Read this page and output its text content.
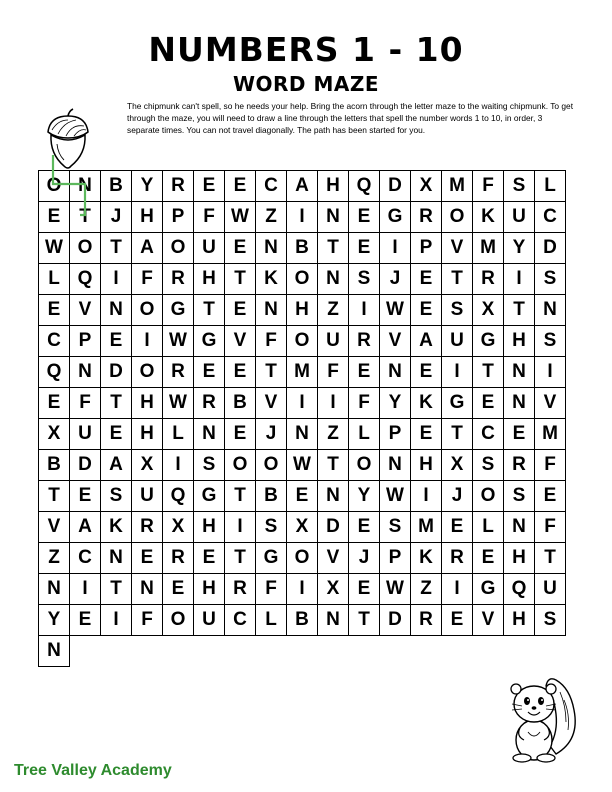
NUMBERS 1 - 10
WORD MAZE

The chipmunk can't spell, so he needs your help. Bring the acorn through the letter maze to the waiting chipmunk. To get through the maze, you will need to draw a line through the letters that spell the number words 1 to 10, in order, 3 separate times. You can not travel diagonally. The path has been started for you.

O N B Y R E E C A H Q D X M F S L
E T	J H P F W Z	I	N E G R O K U C
W O T A O U E N B T E	I	P V M Y D
L Q	I	F R H T K O N S	J	E T R	I	S
E V N O G T E N H Z	I	W E S X T N
C P E	I	W G V F O U R V A U G H S
Q N D O R E E T M F E N E	I	T N	I
E F	T H W R B V	I	I	F Y K G E N V
X U E H L N E	J N Z	L P E T C E M
B D A X	I	S O O W T O N H X S R F
T E S U Q G T B E N Y W	I	J O S E
V A K R X H	I	S X D E S M E L N F
Z C N E R E T G O V	J	P K R E H T
N	I	T N E H R F	I	X E W Z	I	G Q U
Y E	I	F O U C L B N T D R E V H S
N

Tree Valley Academy
